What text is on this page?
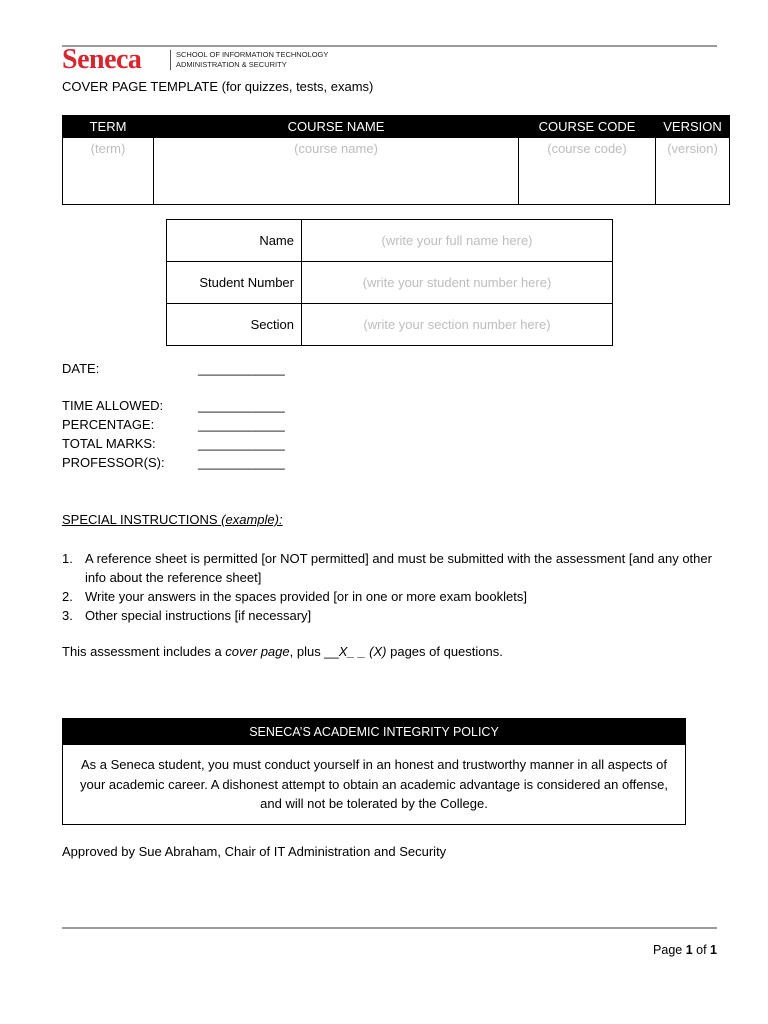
Seneca	SCHOOL OF INFORMATION TECHNOLOGY
ADMINISTRATION & SECURITY
COVER PAGE TEMPLATE (for quizzes, tests, exams)
TERM	COURSE NAME	COURSE CODE	VERSION
(term)	(course name)	(course code)	(version)
Name	(write your full name here)
Student Number	(write your student number here)
Section	(write your section number here)
DATE:	____________
TIME ALLOWED:	____________
PERCENTAGE:	____________
TOTAL MARKS:	____________
PROFESSOR(S):	____________
SPECIAL INSTRUCTIONS (example):
1. A reference sheet is permitted [or NOT permitted] and must be submitted with the assessment [and any other info about the reference sheet]
2. Write your answers in the spaces provided [or in one or more exam booklets]
3. Other special instructions [if necessary]
This assessment includes a cover page, plus __X_ _ (X) pages of questions.
SENECA’S ACADEMIC INTEGRITY POLICY
As a Seneca student, you must conduct yourself in an honest and trustworthy manner in all aspects of your academic career. A dishonest attempt to obtain an academic advantage is considered an offense, and will not be tolerated by the College.
Approved by Sue Abraham, Chair of IT Administration and Security
Page 1 of 1
